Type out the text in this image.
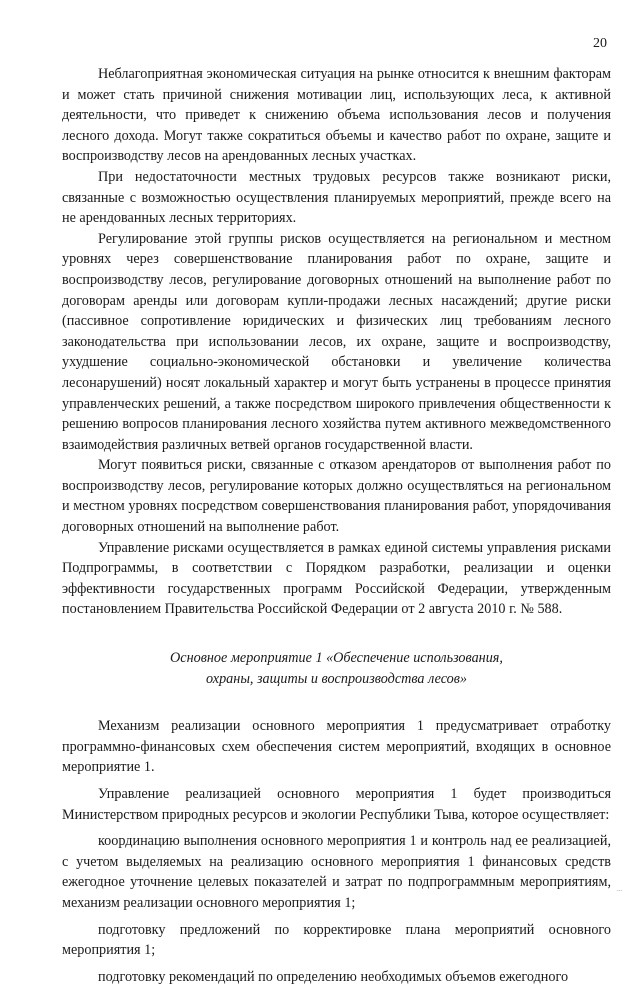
20

Неблагоприятная экономическая ситуация на рынке относится к внешним факторам и может стать причиной снижения мотивации лиц, использующих леса, к активной деятельности, что приведет к снижению объема использования лесов и получения лесного дохода. Могут также сократиться объемы и качество работ по охране, защите и воспроизводству лесов на арендованных лесных участках.

При недостаточности местных трудовых ресурсов также возникают риски, связанные с возможностью осуществления планируемых мероприятий, прежде всего на не арендованных лесных территориях.

Регулирование этой группы рисков осуществляется на региональном и местном уровнях через совершенствование планирования работ по охране, защите и воспроизводству лесов, регулирование договорных отношений на выполнение работ по договорам аренды или договорам купли-продажи лесных насаждений; другие риски (пассивное сопротивление юридических и физических лиц требованиям лесного законодательства при использовании лесов, их охране, защите и воспроизводству, ухудшение социально-экономической обстановки и увеличение количества лесонарушений) носят локальный характер и могут быть устранены в процессе принятия управленческих решений, а также посредством широкого привлечения общественности к решению вопросов планирования лесного хозяйства путем активного межведомственного взаимодействия различных ветвей органов государственной власти.

Могут появиться риски, связанные с отказом арендаторов от выполнения работ по воспроизводству лесов, регулирование которых должно осуществляться на региональном и местном уровнях посредством совершенствования планирования работ, упорядочивания договорных отношений на выполнение работ.

Управление рисками осуществляется в рамках единой системы управления рисками Подпрограммы, в соответствии с Порядком разработки, реализации и оценки эффективности государственных программ Российской Федерации, утвержденным постановлением Правительства Российской Федерации от 2 августа 2010 г. № 588.

Основное мероприятие 1 «Обеспечение использования,
охраны, защиты и воспроизводства лесов»

Механизм реализации основного мероприятия 1 предусматривает отработку программно-финансовых схем обеспечения систем мероприятий, входящих в основное мероприятие 1.

Управление реализацией основного мероприятия 1 будет производиться Министерством природных ресурсов и экологии Республики Тыва, которое осуществляет:

координацию выполнения основного мероприятия 1 и контроль над ее реализацией, с учетом выделяемых на реализацию основного мероприятия 1 финансовых средств ежегодное уточнение целевых показателей и затрат по подпрограммным мероприятиям, механизм реализации основного мероприятия 1;

подготовку предложений по корректировке плана мероприятий основного мероприятия 1;

подготовку рекомендаций по определению необходимых объемов ежегодного

﹍
